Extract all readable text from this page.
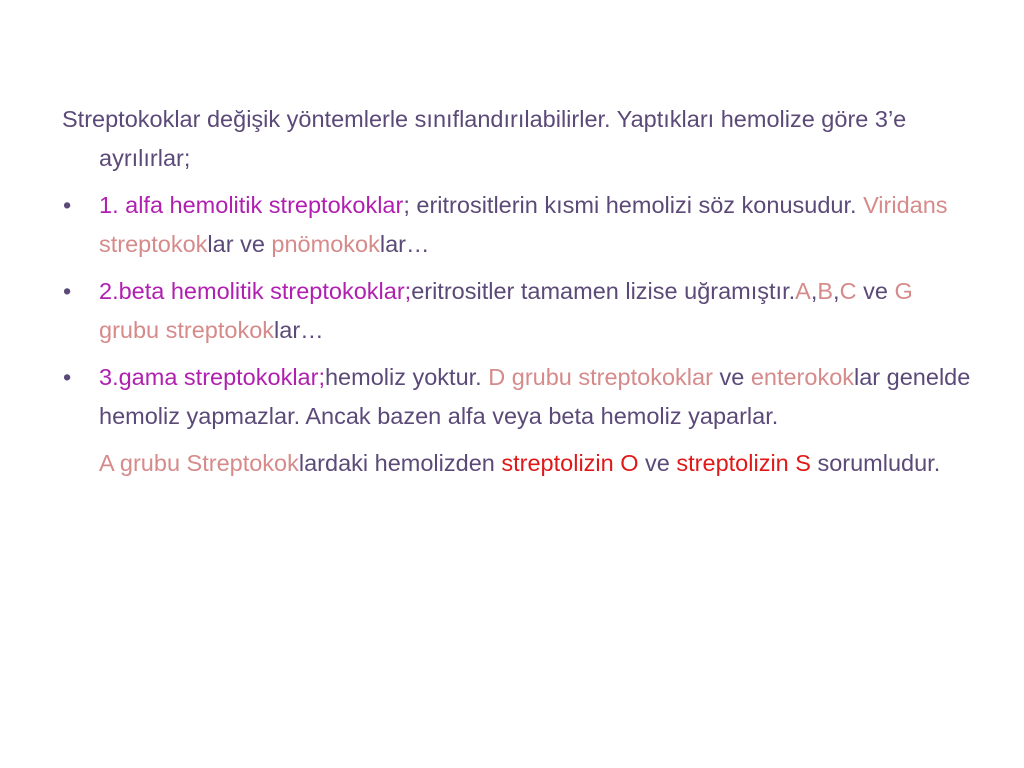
Streptokoklar değişik yöntemlerle sınıflandırılabilirler. Yaptıkları hemolize göre 3’e ayrılırlar;

•	1. alfa hemolitik streptokoklar; eritrositlerin kısmi hemolizi söz konusudur. Viridans streptokoklar ve pnömokoklar…
•	2.beta hemolitik streptokoklar;eritrositler tamamen lizise uğramıştır.A,B,C ve G grubu streptokoklar…
•	3.gama streptokoklar;hemoliz yoktur. D grubu streptokoklar ve enterokoklar genelde hemoliz yapmazlar. Ancak bazen alfa veya beta hemoliz yaparlar.

A grubu Streptokoklardaki hemolizden streptolizin O ve streptolizin S sorumludur.
